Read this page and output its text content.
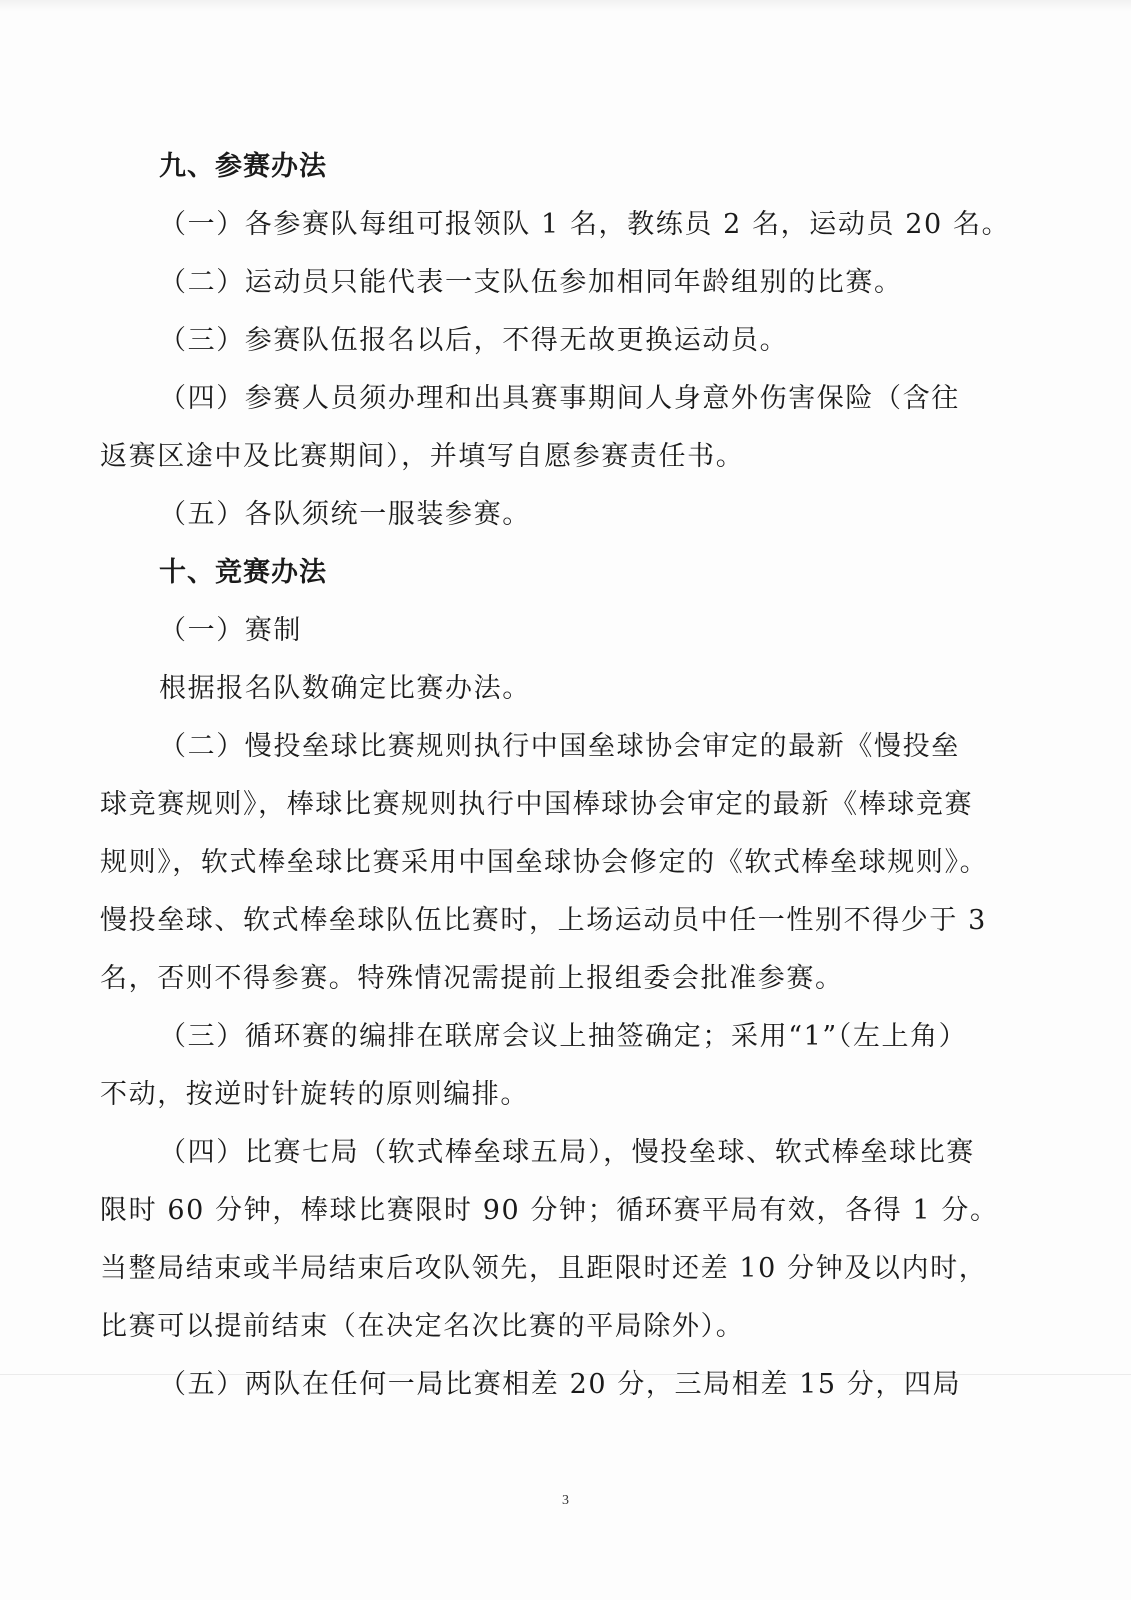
九、参赛办法
（一）各参赛队每组可报领队 1 名，教练员 2 名，运动员 20 名。
（二）运动员只能代表一支队伍参加相同年龄组别的比赛。
（三）参赛队伍报名以后，不得无故更换运动员。
（四）参赛人员须办理和出具赛事期间人身意外伤害保险（含往
返赛区途中及比赛期间），并填写自愿参赛责任书。
（五）各队须统一服装参赛。
十、竞赛办法
（一）赛制
根据报名队数确定比赛办法。
（二）慢投垒球比赛规则执行中国垒球协会审定的最新《慢投垒
球竞赛规则》，棒球比赛规则执行中国棒球协会审定的最新《棒球竞赛
规则》，软式棒垒球比赛采用中国垒球协会修定的《软式棒垒球规则》。
慢投垒球、软式棒垒球队伍比赛时，上场运动员中任一性别不得少于 3
名，否则不得参赛。特殊情况需提前上报组委会批准参赛。
（三）循环赛的编排在联席会议上抽签确定；采用“1”（左上角）
不动，按逆时针旋转的原则编排。
（四）比赛七局（软式棒垒球五局），慢投垒球、软式棒垒球比赛
限时 60 分钟，棒球比赛限时 90 分钟；循环赛平局有效，各得 1 分。
当整局结束或半局结束后攻队领先，且距限时还差 10 分钟及以内时，
比赛可以提前结束（在决定名次比赛的平局除外）。
（五）两队在任何一局比赛相差 20 分，三局相差 15 分，四局
3
